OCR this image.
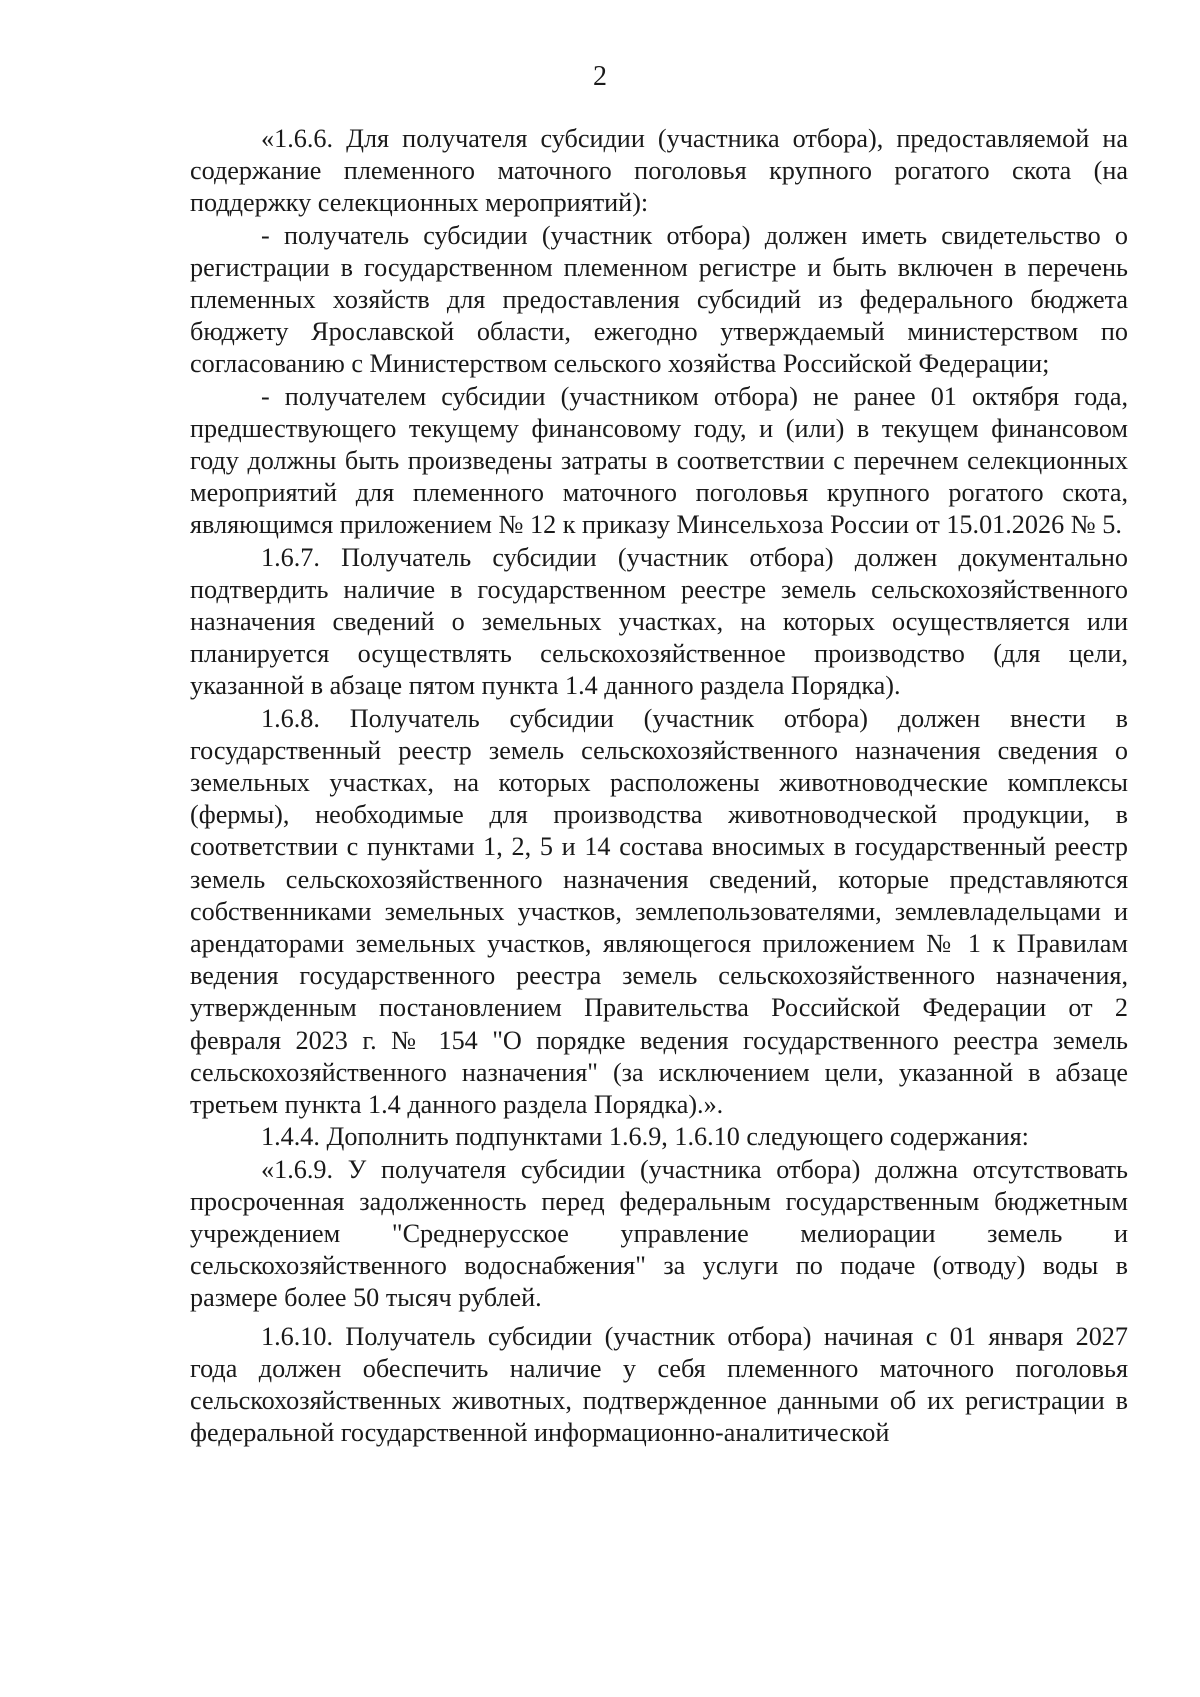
2

«1.6.6. Для получателя субсидии (участника отбора), предоставляемой на содержание племенного маточного поголовья крупного рогатого скота (на поддержку селекционных мероприятий):

- получатель субсидии (участник отбора) должен иметь свидетельство о регистрации в государственном племенном регистре и быть включен в перечень племенных хозяйств для предоставления субсидий из федерального бюджета бюджету Ярославской области, ежегодно утверждаемый министерством по согласованию с Министерством сельского хозяйства Российской Федерации;

- получателем субсидии (участником отбора) не ранее 01 октября года, предшествующего текущему финансовому году, и (или) в текущем финансовом году должны быть произведены затраты в соответствии с перечнем селекционных мероприятий для племенного маточного поголовья крупного рогатого скота, являющимся приложением № 12 к приказу Минсельхоза России от 15.01.2026 № 5.

1.6.7. Получатель субсидии (участник отбора) должен документально подтвердить наличие в государственном реестре земель сельскохозяйственного назначения сведений о земельных участках, на которых осуществляется или планируется осуществлять сельскохозяйственное производство (для цели, указанной в абзаце пятом пункта 1.4 данного раздела Порядка).

1.6.8. Получатель субсидии (участник отбора) должен внести в государственный реестр земель сельскохозяйственного назначения сведения о земельных участках, на которых расположены животноводческие комплексы (фермы), необходимые для производства животноводческой продукции, в соответствии с пунктами 1, 2, 5 и 14 состава вносимых в государственный реестр земель сельскохозяйственного назначения сведений, которые представляются собственниками земельных участков, землепользователями, землевладельцами и арендаторами земельных участков, являющегося приложением № 1 к Правилам ведения государственного реестра земель сельскохозяйственного назначения, утвержденным постановлением Правительства Российской Федерации от 2 февраля 2023 г. № 154 "О порядке ведения государственного реестра земель сельскохозяйственного назначения" (за исключением цели, указанной в абзаце третьем пункта 1.4 данного раздела Порядка).».

1.4.4. Дополнить подпунктами 1.6.9, 1.6.10 следующего содержания:

«1.6.9. У получателя субсидии (участника отбора) должна отсутствовать просроченная задолженность перед федеральным государственным бюджетным учреждением "Среднерусское управление мелиорации земель и сельскохозяйственного водоснабжения" за услуги по подаче (отводу) воды в размере более 50 тысяч рублей.

1.6.10. Получатель субсидии (участник отбора) начиная с 01 января 2027 года должен обеспечить наличие у себя племенного маточного поголовья сельскохозяйственных животных, подтвержденное данными об их регистрации в федеральной государственной информационно-аналитической
